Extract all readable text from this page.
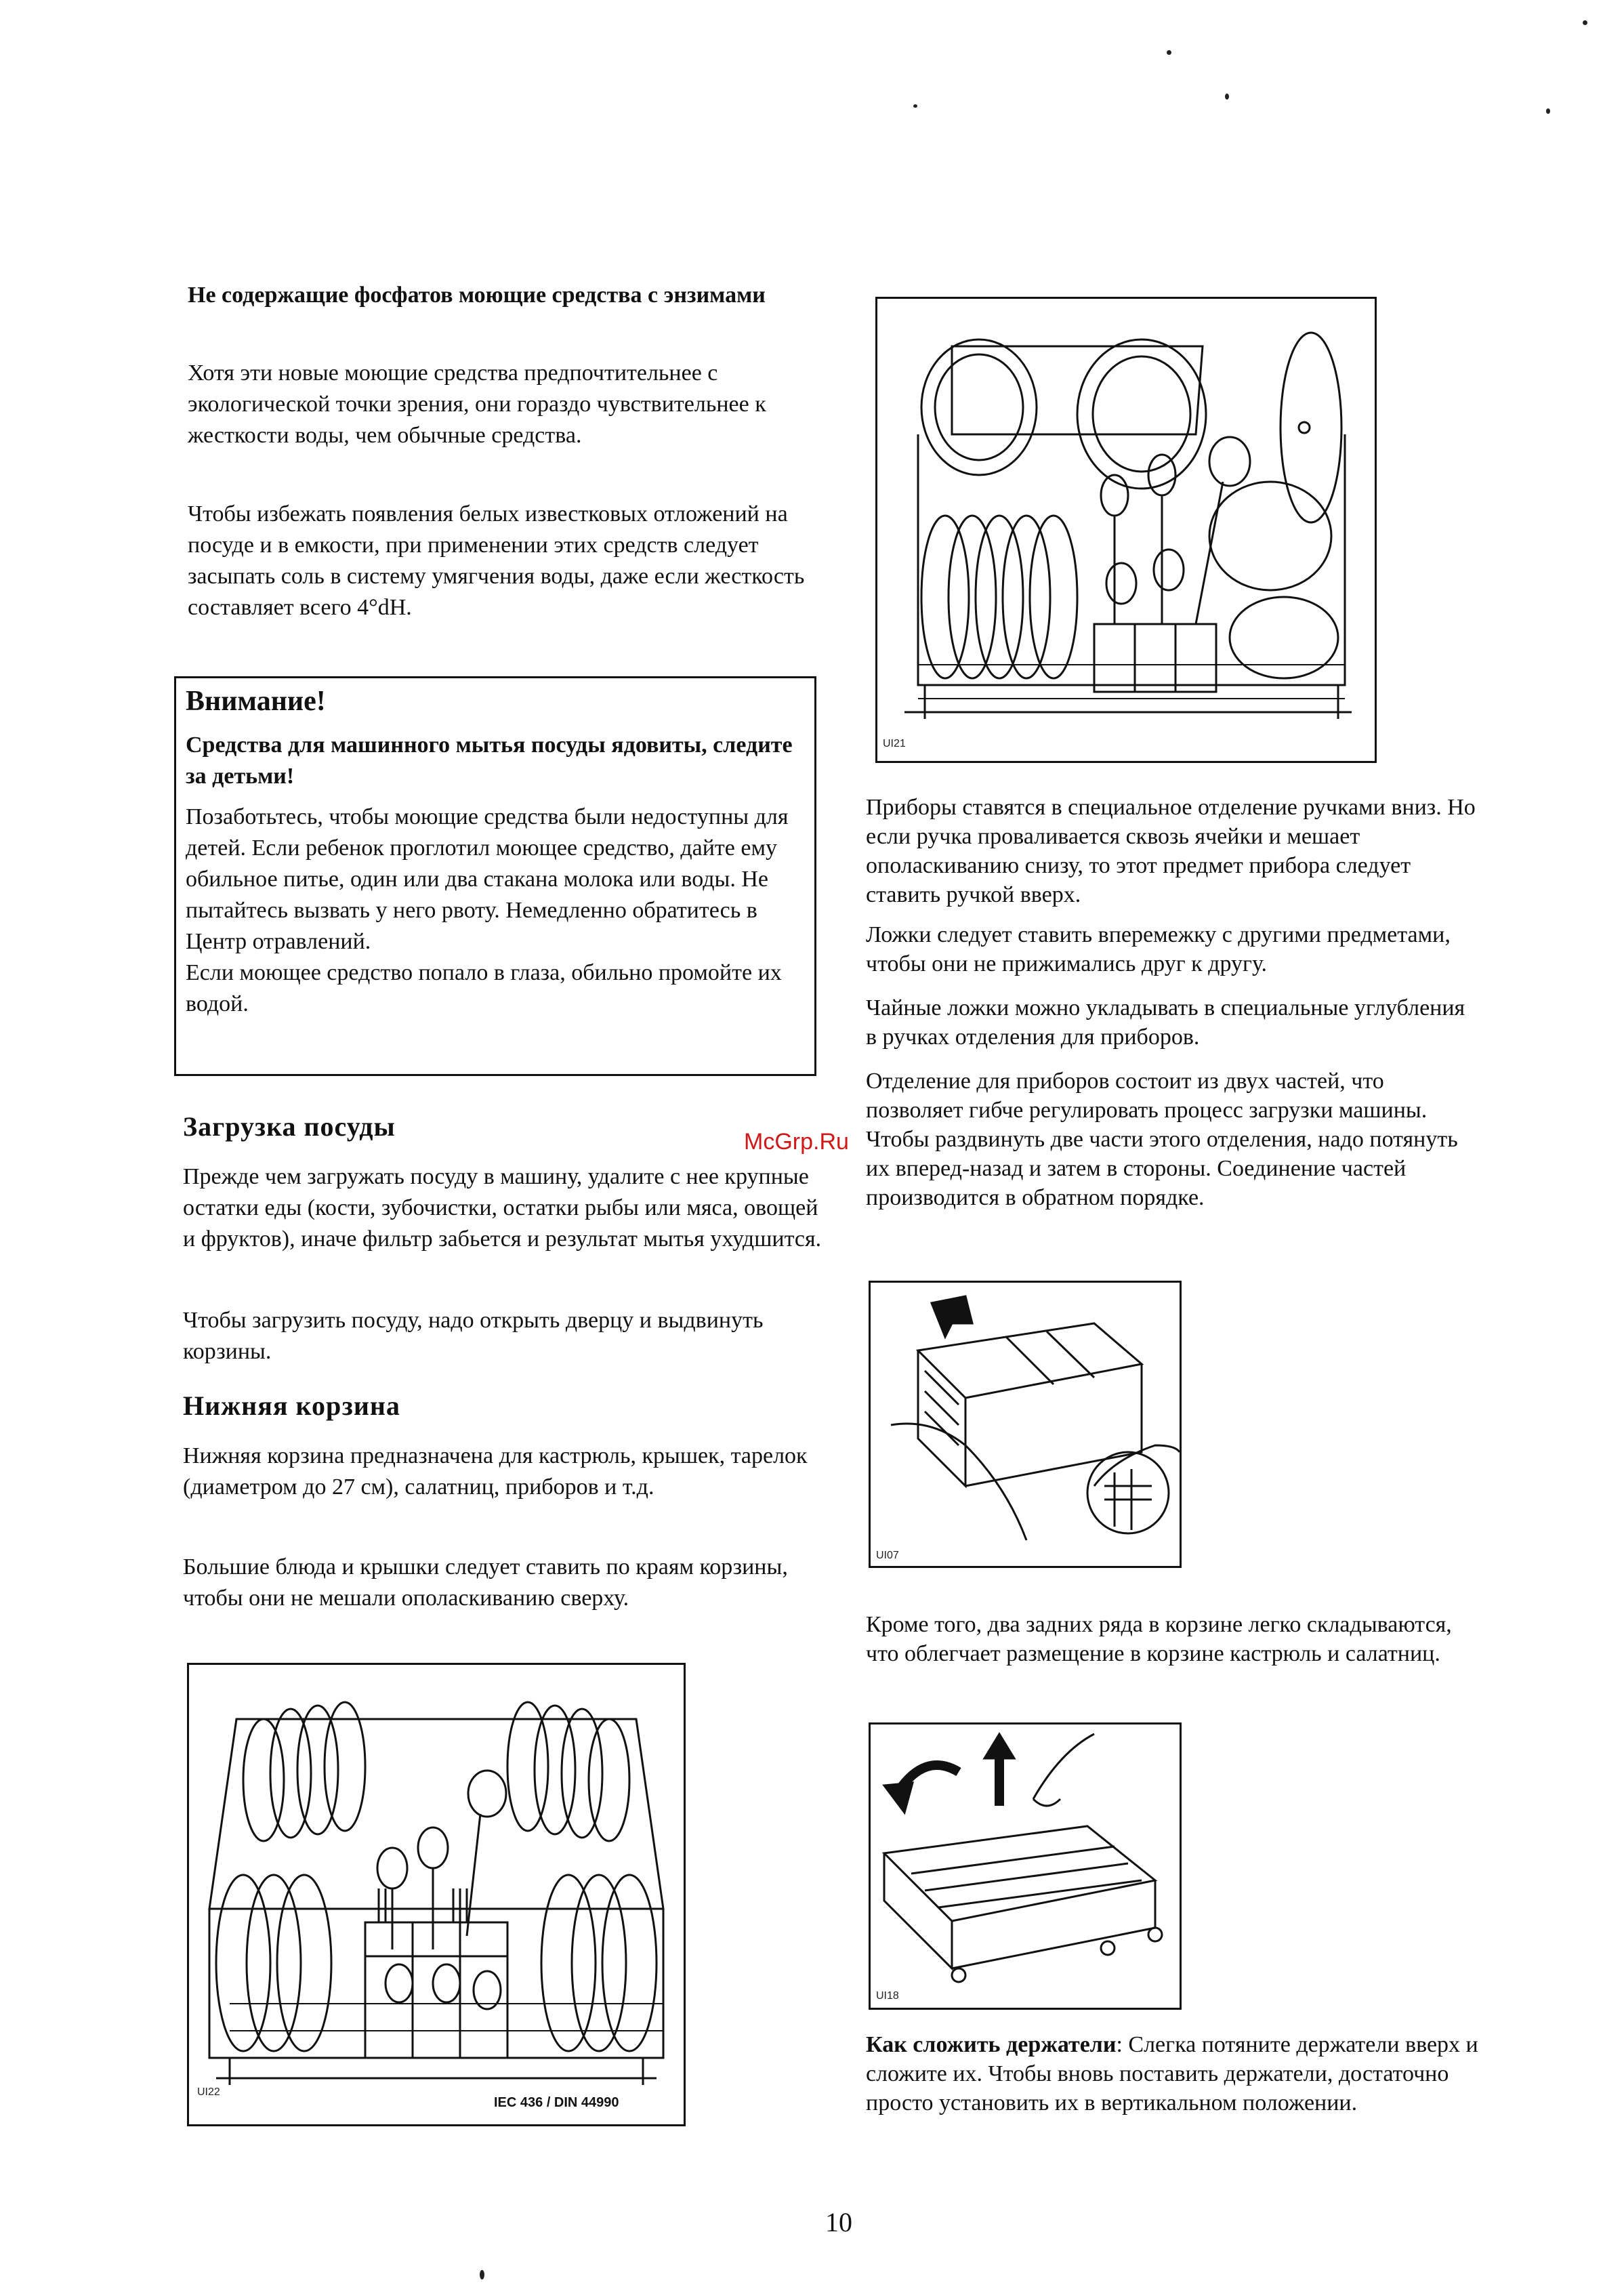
Не содержащие фосфатов моющие средства с энзимами

Хотя эти новые моющие средства предпочтительнее с экологической точки зрения, они гораздо чувствительнее к жесткости воды, чем обычные средства.

Чтобы избежать появления белых известковых отложений на посуде и в емкости, при применении этих средств следует засыпать соль в систему умягчения воды, даже если жесткость составляет всего 4°dH.

Внимание!
Средства для машинного мытья посуды ядовиты, следите за детьми!

Позаботьтесь, чтобы моющие средства были недоступны для детей. Если ребенок проглотил моющее средство, дайте ему обильное питье, один или два стакана молока или воды. Не пытайтесь вызвать у него рвоту. Немедленно обратитесь в Центр отравлений.

Если моющее средство попало в глаза, обильно промойте их водой.

Загрузка посуды

Прежде чем загружать посуду в машину, удалите с нее крупные остатки еды (кости, зубочистки, остатки рыбы или мяса, овощей и фруктов), иначе фильтр забьется и результат мытья ухудшится.

Чтобы загрузить посуду, надо открыть дверцу и выдвинуть корзины.

Нижняя корзина

Нижняя корзина предназначена для кастрюль, крышек, тарелок (диаметром до 27 см), салатниц, приборов и т.д.

Большие блюда и крышки следует ставить по краям корзины, чтобы они не мешали ополаскиванию сверху.

UI22
IEC 436 / DIN 44990
UI21

Приборы ставятся в специальное отделение ручками вниз. Но если ручка проваливается сквозь ячейки и мешает ополаскиванию снизу, то этот предмет прибора следует ставить ручкой вверх.

Ложки следует ставить вперемежку с другими предметами, чтобы они не прижимались друг к другу.

Чайные ложки можно укладывать в специальные углубления в ручках отделения для приборов.

Отделение для приборов состоит из двух частей, что позволяет гибче регулировать процесс загрузки машины. Чтобы раздвинуть две части этого отделения, надо потянуть их вперед-назад и затем в стороны. Соединение частей производится в обратном порядке.

UI07

Кроме того, два задних ряда в корзине легко складываются, что облегчает размещение в корзине кастрюль и салатниц.

UI18

Как сложить держатели: Слегка потяните держатели вверх и сложите их. Чтобы вновь поставить держатели, достаточно просто установить их в вертикальном положении.

McGrp.Ru
10
